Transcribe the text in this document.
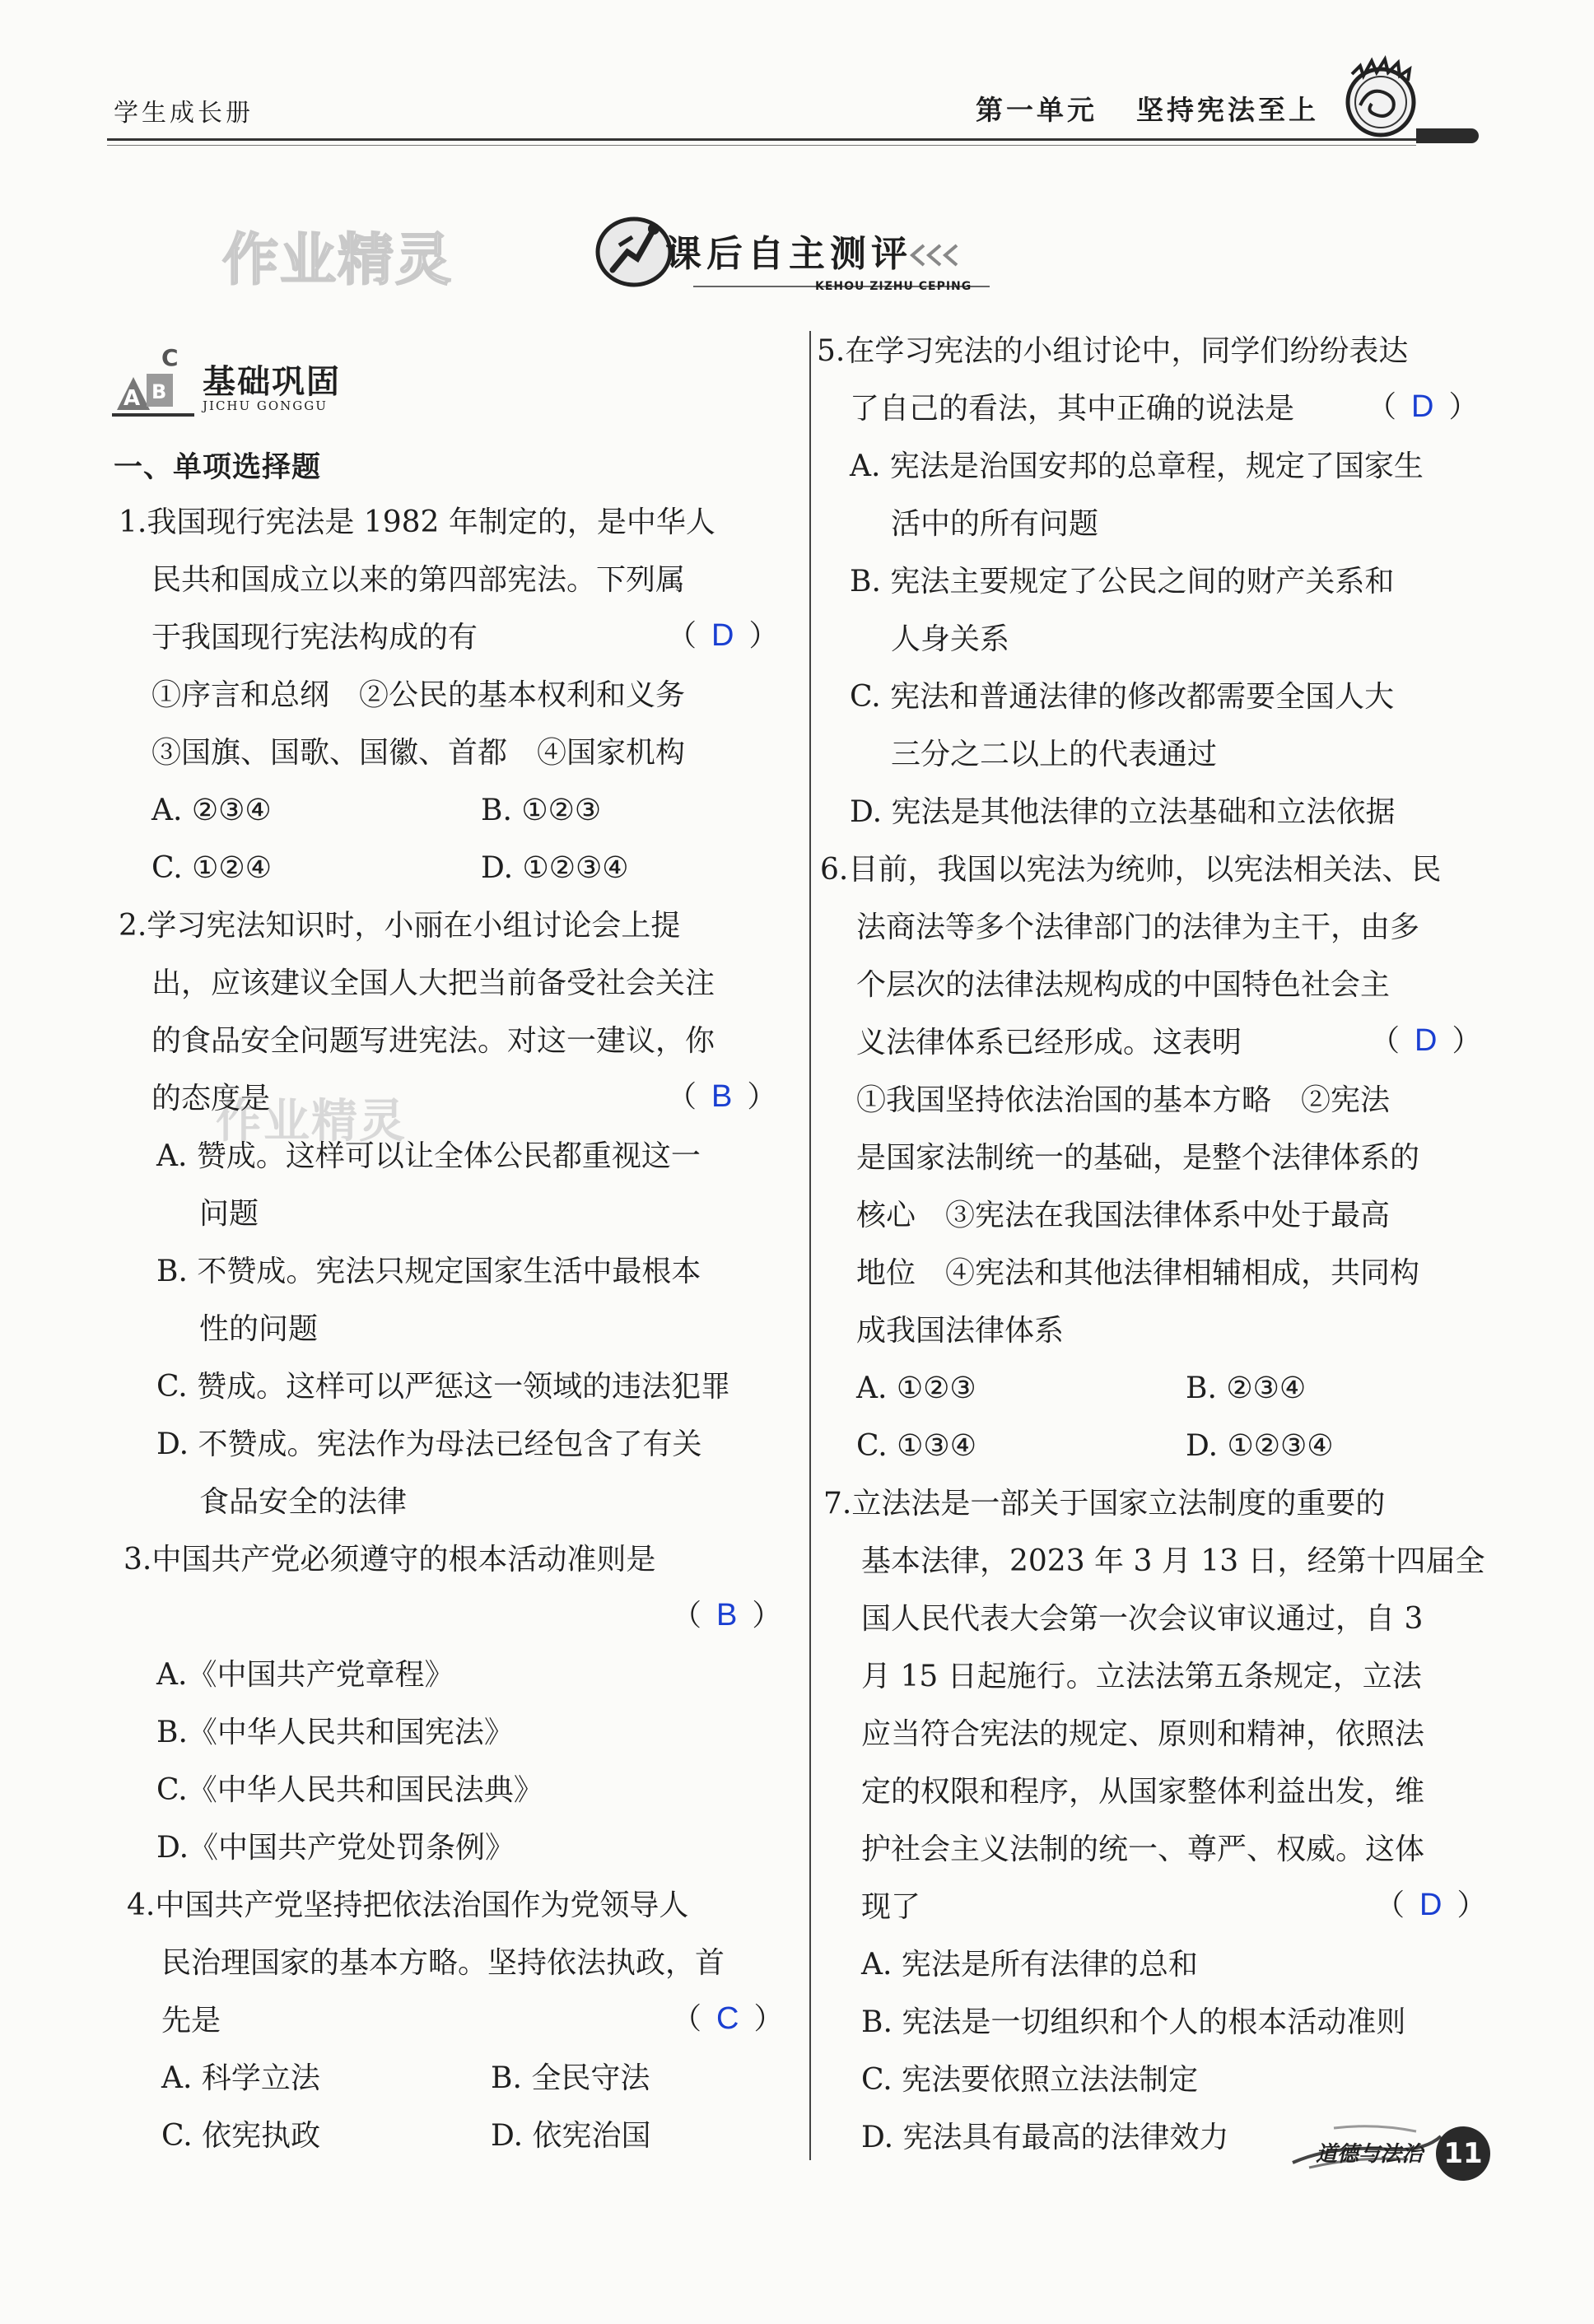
学生成长册	第一单元 坚持宪法至上
作业精灵
作业精灵
课后自主测评
KEHOU ZIZHU CEPING
A B
C
基础巩固
JICHU GONGGU
一、单项选择题
1.我国现行宪法是 1982 年制定的，是中华人
民共和国成立以来的第四部宪法。下列属
于我国现行宪法构成的有	（ D ）
①序言和总纲　②公民的基本权利和义务
③国旗、国歌、国徽、首都　④国家机构
A. ②③④	B. ①②③
C. ①②④	D. ①②③④
2.学习宪法知识时，小丽在小组讨论会上提
出，应该建议全国人大把当前备受社会关注
的食品安全问题写进宪法。对这一建议，你
的态度是	（ B ）
A. 赞成。这样可以让全体公民都重视这一
问题
B. 不赞成。宪法只规定国家生活中最根本
性的问题
C. 赞成。这样可以严惩这一领域的违法犯罪
D. 不赞成。宪法作为母法已经包含了有关
食品安全的法律
3.中国共产党必须遵守的根本活动准则是
（ B ）
A.《中国共产党章程》
B.《中华人民共和国宪法》
C.《中华人民共和国民法典》
D.《中国共产党处罚条例》
4.中国共产党坚持把依法治国作为党领导人
民治理国家的基本方略。坚持依法执政，首
先是	（ C ）
A. 科学立法	B. 全民守法
C. 依宪执政	D. 依宪治国
5.在学习宪法的小组讨论中，同学们纷纷表达
了自己的看法，其中正确的说法是 （ D ）
A. 宪法是治国安邦的总章程，规定了国家生
活中的所有问题
B. 宪法主要规定了公民之间的财产关系和
人身关系
C. 宪法和普通法律的修改都需要全国人大
三分之二以上的代表通过
D. 宪法是其他法律的立法基础和立法依据
6.目前，我国以宪法为统帅，以宪法相关法、民
法商法等多个法律部门的法律为主干，由多
个层次的法律法规构成的中国特色社会主
义法律体系已经形成。这表明	（ D ）
①我国坚持依法治国的基本方略　②宪法
是国家法制统一的基础，是整个法律体系的
核心　③宪法在我国法律体系中处于最高
地位　④宪法和其他法律相辅相成，共同构
成我国法律体系
A. ①②③	B. ②③④
C. ①③④	D. ①②③④
7.立法法是一部关于国家立法制度的重要的
基本法律，2023 年 3 月 13 日，经第十四届全
国人民代表大会第一次会议审议通过，自 3
月 15 日起施行。立法法第五条规定，立法
应当符合宪法的规定、原则和精神，依照法
定的权限和程序，从国家整体利益出发，维
护社会主义法制的统一、尊严、权威。这体
现了	（ D ）
A. 宪法是所有法律的总和
B. 宪法是一切组织和个人的根本活动准则
C. 宪法要依照立法法制定
D. 宪法具有最高的法律效力	道德与法治 11
